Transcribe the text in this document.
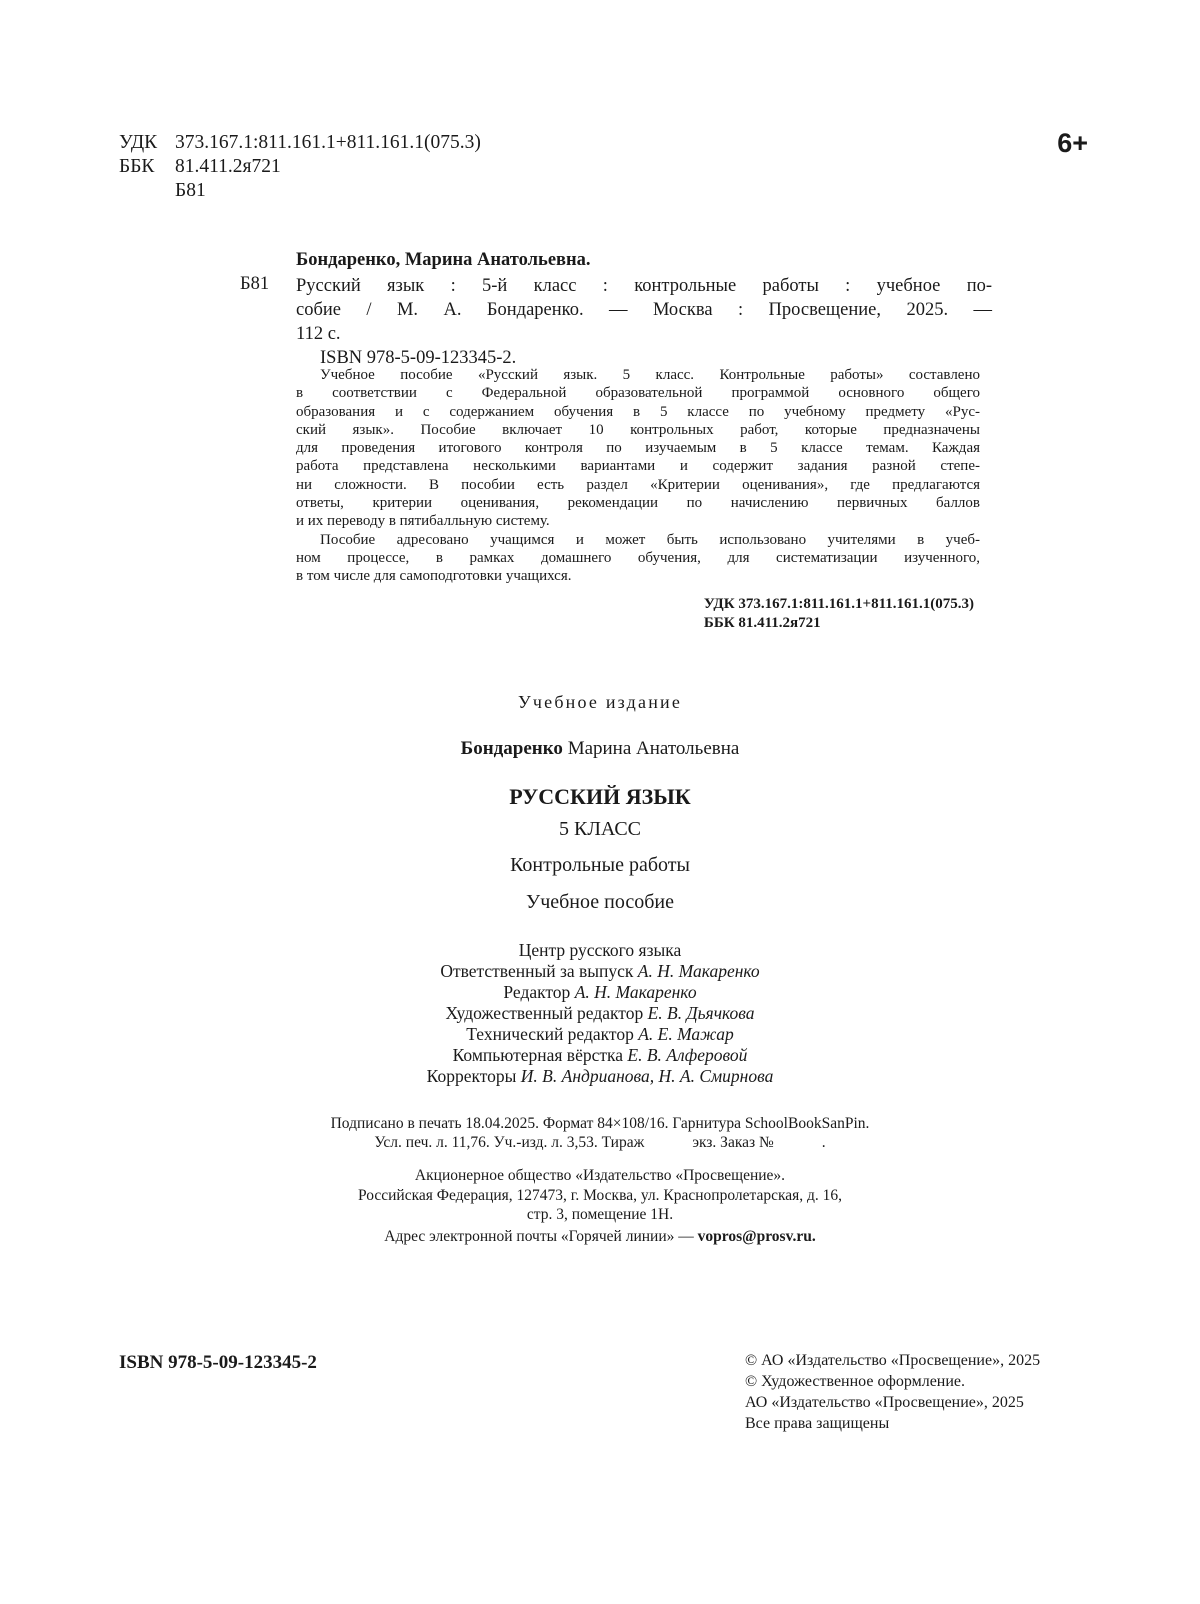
УДК 373.167.1:811.161.1+811.161.1(075.3)
ББК 81.411.2я721
Б81
6+
Бондаренко, Марина Анатольевна.
Б81 Русский язык : 5-й класс : контрольные работы : учебное по-
собие / М. А. Бондаренко. — Москва : Просвещение, 2025. —
112 с.
ISBN 978-5-09-123345-2.
Учебное пособие «Русский язык. 5 класс. Контрольные работы» составлено
в соответствии с Федеральной образовательной программой основного общего
образования и с содержанием обучения в 5 классе по учебному предмету «Рус-
ский язык». Пособие включает 10 контрольных работ, которые предназначены
для проведения итогового контроля по изучаемым в 5 классе темам. Каждая
работа представлена несколькими вариантами и содержит задания разной степе-
ни сложности. В пособии есть раздел «Критерии оценивания», где предлагаются
ответы, критерии оценивания, рекомендации по начислению первичных баллов
и их переводу в пятибалльную систему.
Пособие адресовано учащимся и может быть использовано учителями в учеб-
ном процессе, в рамках домашнего обучения, для систематизации изученного,
в том числе для самоподготовки учащихся.
УДК 373.167.1:811.161.1+811.161.1(075.3)
ББК 81.411.2я721
Учебное издание
Бондаренко Марина Анатольевна
РУССКИЙ ЯЗЫК
5 КЛАСС
Контрольные работы
Учебное пособие
Центр русского языка
Ответственный за выпуск А. Н. Макаренко
Редактор А. Н. Макаренко
Художественный редактор Е. В. Дьячкова
Технический редактор А. Е. Мажар
Компьютерная вёрстка Е. В. Алферовой
Корректоры И. В. Андрианова, Н. А. Смирнова
Подписано в печать 18.04.2025. Формат 84×108/16. Гарнитура SchoolBookSanPin.
Усл. печ. л. 11,76. Уч.-изд. л. 3,53. Тираж	экз. Заказ №	.
Акционерное общество «Издательство «Просвещение».
Российская Федерация, 127473, г. Москва, ул. Краснопролетарская, д. 16,
стр. 3, помещение 1Н.
Адрес электронной почты «Горячей линии» — vopros@prosv.ru.
ISBN 978-5-09-123345-2	© АО «Издательство «Просвещение», 2025
© Художественное оформление.
АО «Издательство «Просвещение», 2025
Все права защищены
